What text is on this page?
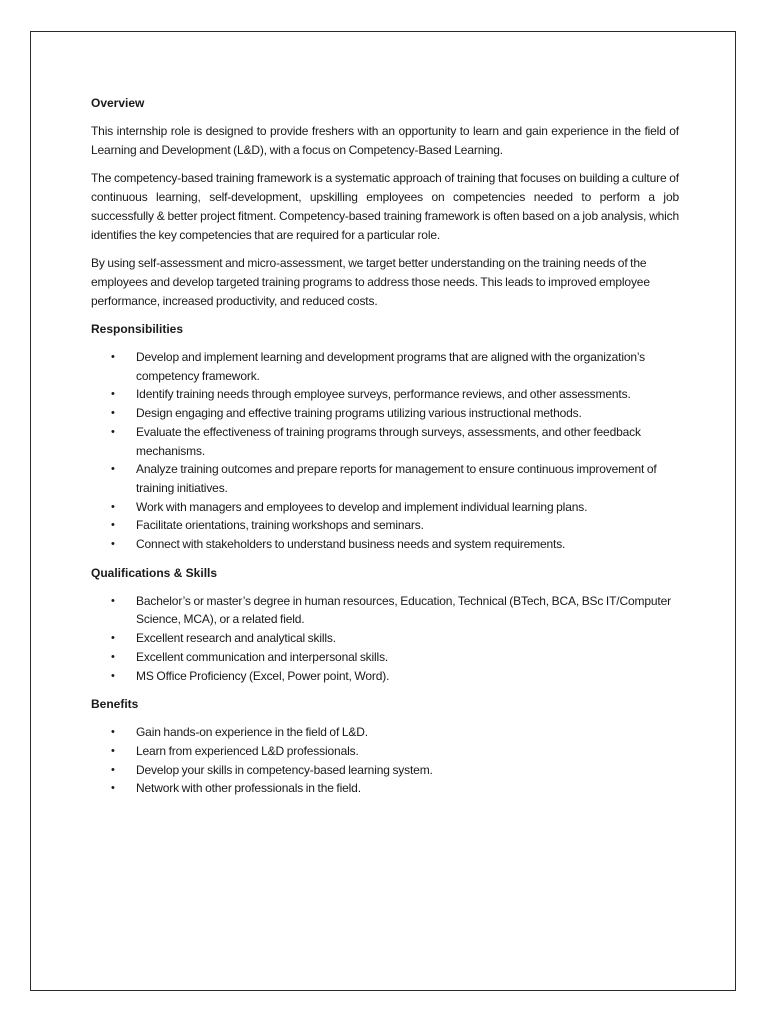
Overview

This internship role is designed to provide freshers with an opportunity to learn and gain experience in the field of Learning and Development (L&D), with a focus on Competency-Based Learning.

The competency-based training framework is a systematic approach of training that focuses on building a culture of continuous learning, self-development, upskilling employees on competencies needed to perform a job successfully & better project fitment. Competency-based training framework is often based on a job analysis, which identifies the key competencies that are required for a particular role.

By using self-assessment and micro-assessment, we target better understanding on the training needs of the employees and develop targeted training programs to address those needs. This leads to improved employee performance, increased productivity, and reduced costs.

Responsibilities
• Develop and implement learning and development programs that are aligned with the organization’s competency framework.
• Identify training needs through employee surveys, performance reviews, and other assessments.
• Design engaging and effective training programs utilizing various instructional methods.
• Evaluate the effectiveness of training programs through surveys, assessments, and other feedback mechanisms.
• Analyze training outcomes and prepare reports for management to ensure continuous improvement of training initiatives.
• Work with managers and employees to develop and implement individual learning plans.
• Facilitate orientations, training workshops and seminars.
• Connect with stakeholders to understand business needs and system requirements.
Qualifications & Skills
• Bachelor’s or master’s degree in human resources, Education, Technical (BTech, BCA, BSc IT/Computer Science, MCA), or a related field.
• Excellent research and analytical skills.
• Excellent communication and interpersonal skills.
• MS Office Proficiency (Excel, Power point, Word).
Benefits
• Gain hands-on experience in the field of L&D.
• Learn from experienced L&D professionals.
• Develop your skills in competency-based learning system.
• Network with other professionals in the field.
